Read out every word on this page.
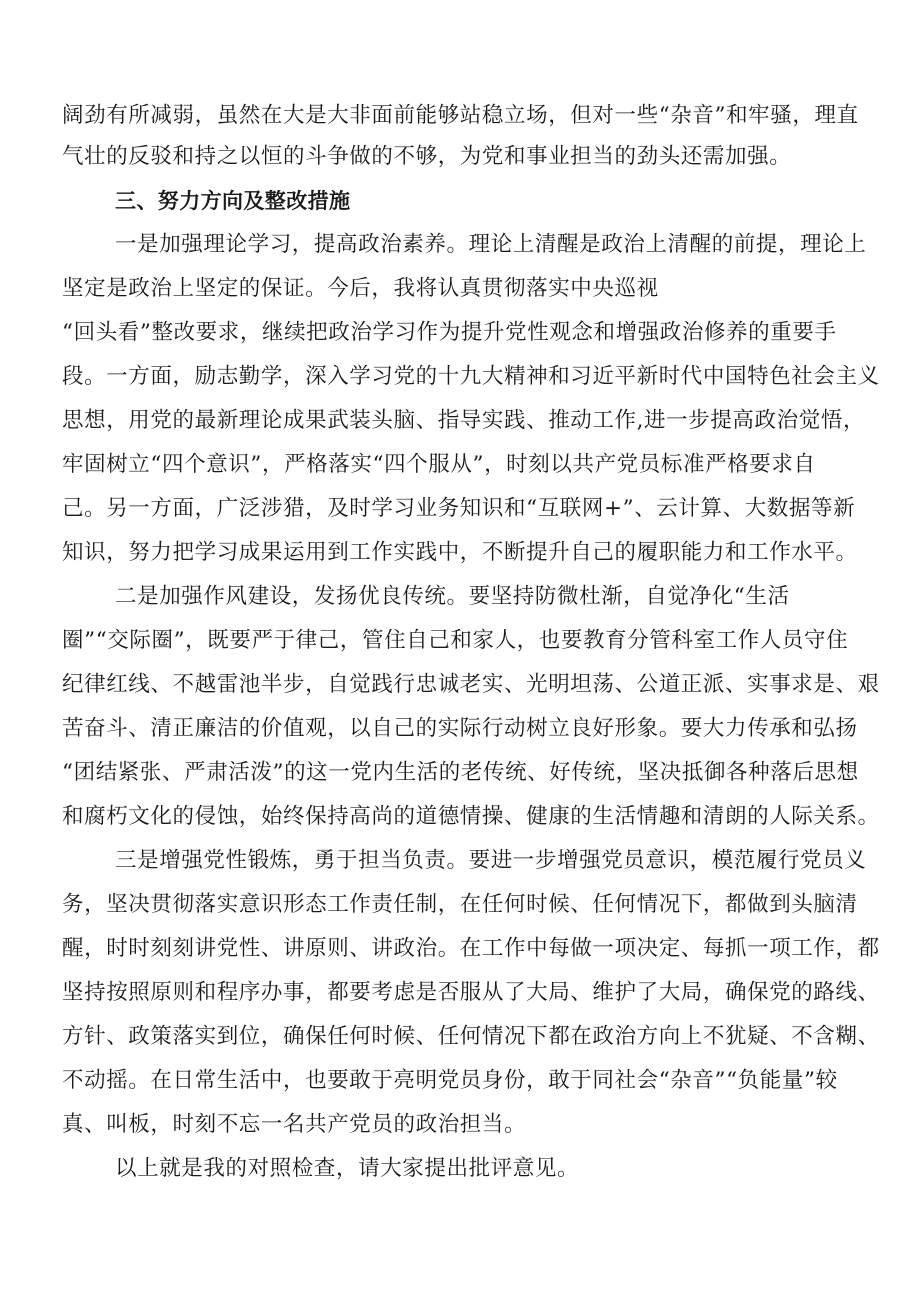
阔劲有所减弱，虽然在大是大非面前能够站稳立场，但对一些“杂音”和牢骚，理直
气壮的反驳和持之以恒的斗争做的不够，为党和事业担当的劲头还需加强。
三、努力方向及整改措施
一是加强理论学习，提高政治素养。理论上清醒是政治上清醒的前提，理论上
坚定是政治上坚定的保证。今后，我将认真贯彻落实中央巡视
“回头看”整改要求，继续把政治学习作为提升党性观念和增强政治修养的重要手
段。一方面，励志勤学，深入学习党的十九大精神和习近平新时代中国特色社会主义
思想，用党的最新理论成果武装头脑、指导实践、推动工作,进一步提高政治觉悟，
牢固树立“四个意识”，严格落实“四个服从”，时刻以共产党员标准严格要求自
己。另一方面，广泛涉猎，及时学习业务知识和“互联网+”、云计算、大数据等新
知识，努力把学习成果运用到工作实践中，不断提升自己的履职能力和工作水平。
二是加强作风建设，发扬优良传统。要坚持防微杜渐，自觉净化“生活
圈”“交际圈”，既要严于律己，管住自己和家人，也要教育分管科室工作人员守住
纪律红线、不越雷池半步，自觉践行忠诚老实、光明坦荡、公道正派、实事求是、艰
苦奋斗、清正廉洁的价值观，以自己的实际行动树立良好形象。要大力传承和弘扬
“团结紧张、严肃活泼”的这一党内生活的老传统、好传统，坚决抵御各种落后思想
和腐朽文化的侵蚀，始终保持高尚的道德情操、健康的生活情趣和清朗的人际关系。
三是增强党性锻炼，勇于担当负责。要进一步增强党员意识，模范履行党员义
务，坚决贯彻落实意识形态工作责任制，在任何时候、任何情况下，都做到头脑清
醒，时时刻刻讲党性、讲原则、讲政治。在工作中每做一项决定、每抓一项工作，都
坚持按照原则和程序办事，都要考虑是否服从了大局、维护了大局，确保党的路线、
方针、政策落实到位，确保任何时候、任何情况下都在政治方向上不犹疑、不含糊、
不动摇。在日常生活中，也要敢于亮明党员身份，敢于同社会“杂音”“负能量”较
真、叫板，时刻不忘一名共产党员的政治担当。
以上就是我的对照检查，请大家提出批评意见。
